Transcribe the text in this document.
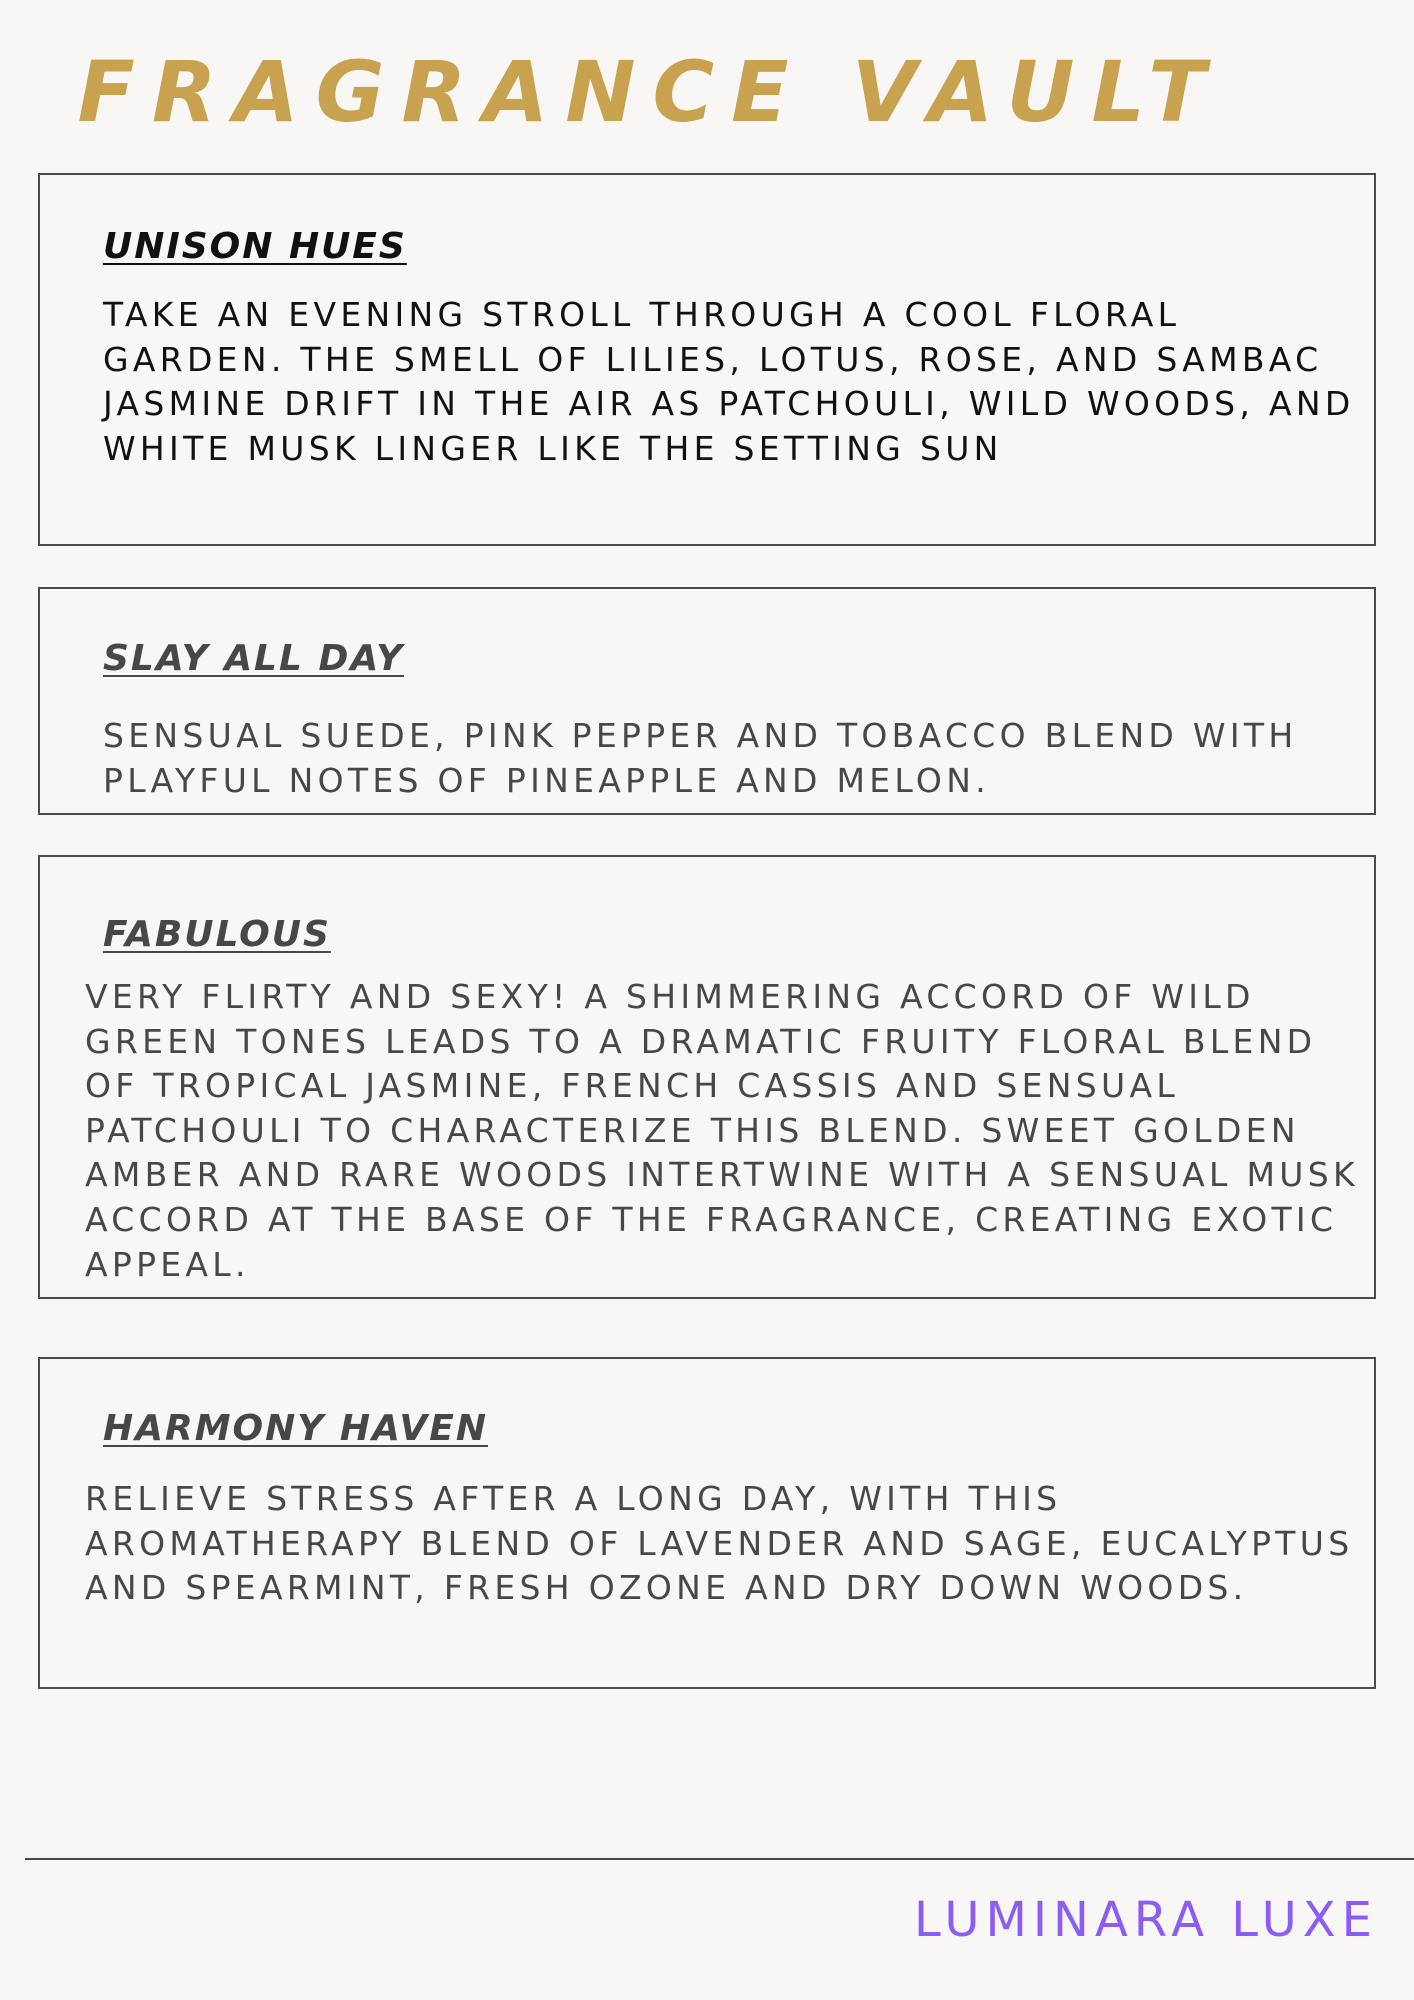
FRAGRANCE VAULT
UNISON HUES

TAKE AN EVENING STROLL THROUGH A COOL FLORAL GARDEN. THE SMELL OF LILIES, LOTUS, ROSE, AND SAMBAC JASMINE DRIFT IN THE AIR AS PATCHOULI, WILD WOODS, AND WHITE MUSK LINGER LIKE THE SETTING SUN

SLAY ALL DAY

SENSUAL SUEDE, PINK PEPPER AND TOBACCO BLEND WITH PLAYFUL NOTES OF PINEAPPLE AND MELON.

FABULOUS

VERY FLIRTY AND SEXY! A SHIMMERING ACCORD OF WILD GREEN TONES LEADS TO A DRAMATIC FRUITY FLORAL BLEND OF TROPICAL JASMINE, FRENCH CASSIS AND SENSUAL PATCHOULI TO CHARACTERIZE THIS BLEND. SWEET GOLDEN AMBER AND RARE WOODS INTERTWINE WITH A SENSUAL MUSK ACCORD AT THE BASE OF THE FRAGRANCE, CREATING EXOTIC APPEAL.

HARMONY HAVEN

RELIEVE STRESS AFTER A LONG DAY, WITH THIS AROMATHERAPY BLEND OF LAVENDER AND SAGE, EUCALYPTUS AND SPEARMINT, FRESH OZONE AND DRY DOWN WOODS.

LUMINARA LUXE
